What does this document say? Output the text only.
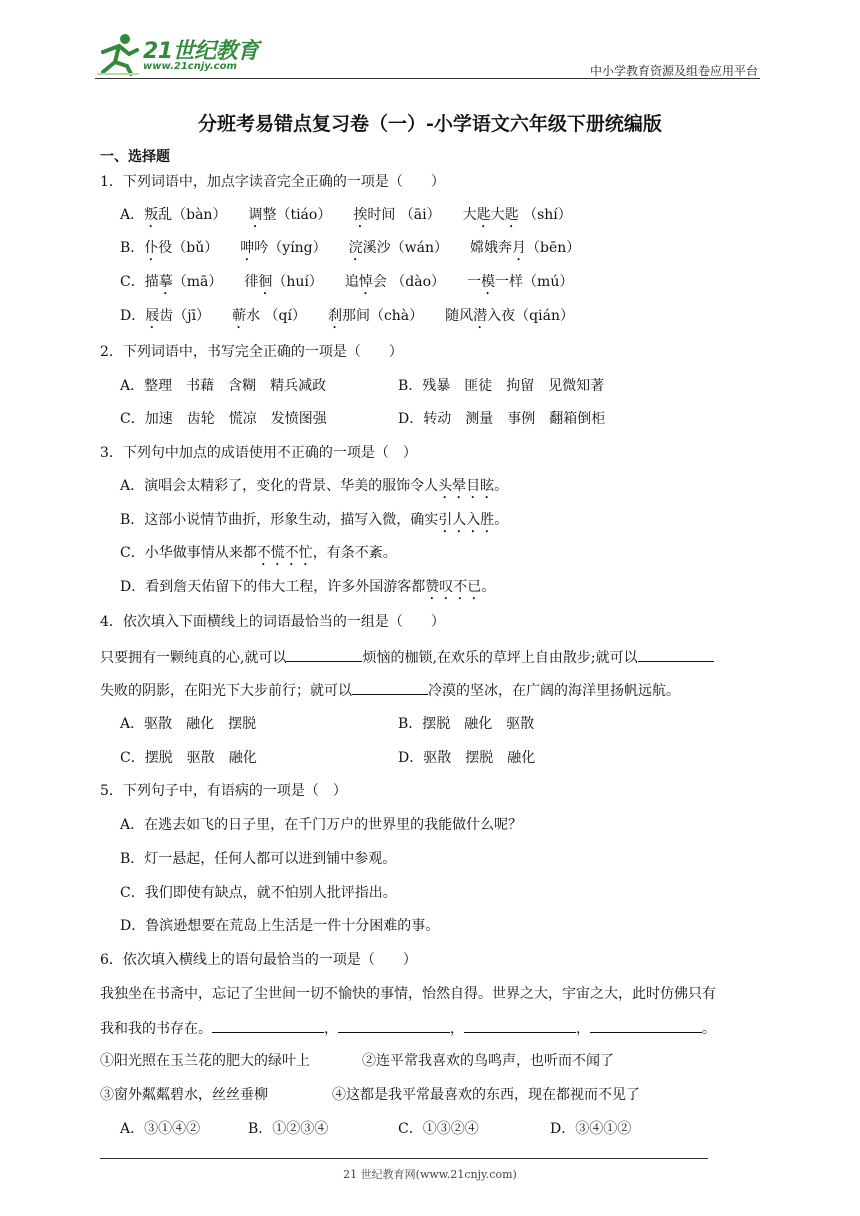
21世纪教育
www.21cnjy.com	中小学教育资源及组卷应用平台
分班考易错点复习卷（一）-小学语文六年级下册统编版
一、选择题
1．下列词语中，加点字读音完全正确的一项是（　　）
A．叛乱（bàn） 调整（tiáo） 挨时间 （āi） 大匙大匙 （shí）
B．仆役（bǔ） 呻吟（yíng） 浣溪沙（wán） 嫦娥奔月（bēn）
C．描摹（mā） 徘徊（huí） 追悼会 （dào） 一模一样（mú）
D．屐齿（jī） 蕲水 （qí） 刹那间（chà） 随风潜入夜（qián）
2．下列词语中，书写完全正确的一项是（　　）
A．整理　书藉　含糊　精兵减政	B．残暴　匪徒　拘留　见微知著
C．加速　齿轮　慌凉　发愤图强	D．转动　测量　事例　翻箱倒柜
3．下列句中加点的成语使用不正确的一项是（　）
A．演唱会太精彩了，变化的背景、华美的服饰令人头晕目眩。
B．这部小说情节曲折，形象生动，描写入微，确实引人入胜。
C．小华做事情从来都不慌不忙，有条不紊。
D．看到詹天佑留下的伟大工程，许多外国游客都赞叹不已。
4．依次填入下面横线上的词语最恰当的一组是（　　）
只要拥有一颗纯真的心,就可以	烦恼的枷锁,在欢乐的草坪上自由散步;就可以
失败的阴影，在阳光下大步前行；就可以	冷漠的坚冰，在广阔的海洋里扬帆远航。
A．驱散　融化　摆脱	B．摆脱　融化　驱散
C．摆脱　驱散　融化	D．驱散　摆脱　融化
5．下列句子中，有语病的一项是（　）
A．在逃去如飞的日子里，在千门万户的世界里的我能做什么呢？
B．灯一悬起，任何人都可以进到铺中参观。
C．我们即使有缺点，就不怕别人批评指出。
D．鲁滨逊想要在荒岛上生活是一件十分困难的事。
6．依次填入横线上的语句最恰当的一项是（　　）
我独坐在书斋中，忘记了尘世间一切不愉快的事情，怡然自得。世界之大，宇宙之大，此时仿佛只有
我和我的书存在。	，	，	，	。
①阳光照在玉兰花的肥大的绿叶上	②连平常我喜欢的鸟鸣声，也听而不闻了
③窗外粼粼碧水，丝丝垂柳	④这都是我平常最喜欢的东西，现在都视而不见了
A．③①④②	B．①②③④	C．①③②④	D．③④①②
21 世纪教育网(www.21cnjy.com)
